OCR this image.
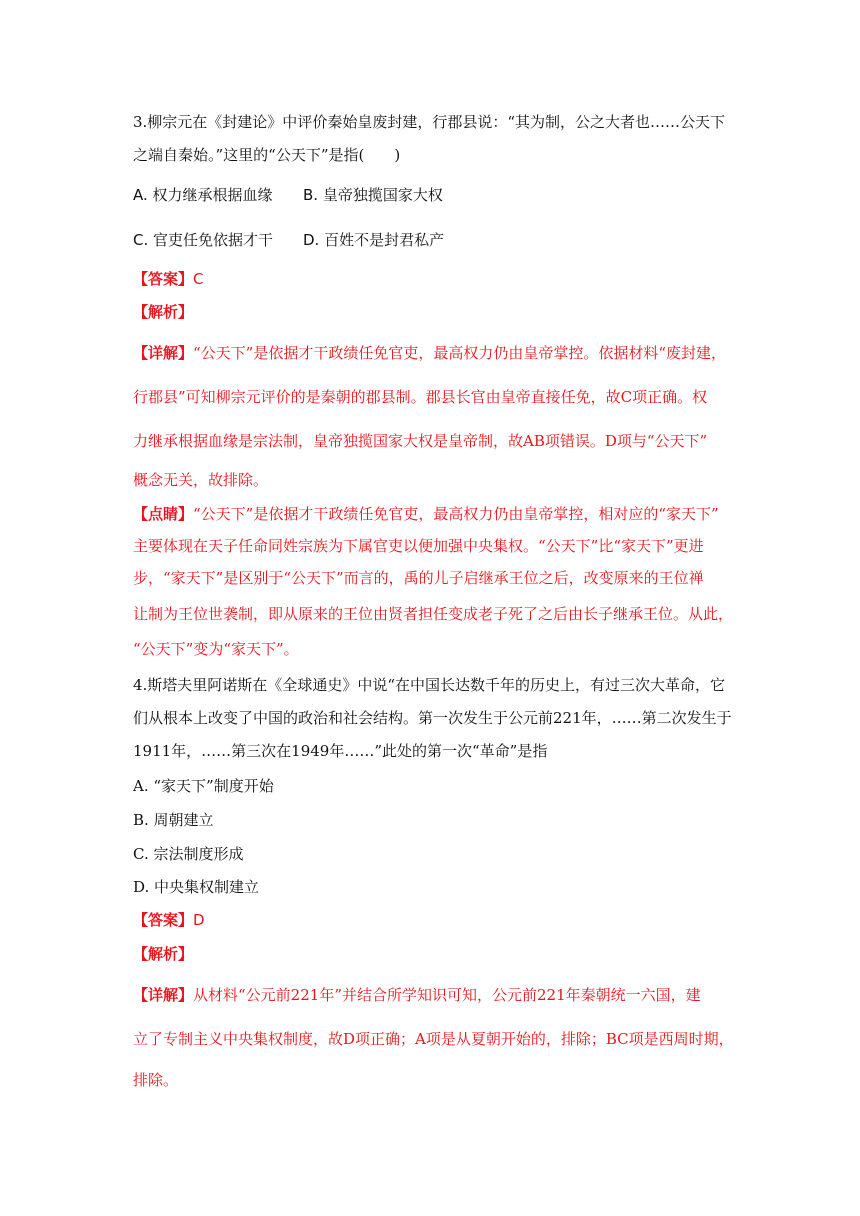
3.柳宗元在《封建论》中评价秦始皇废封建，行郡县说：“其为制，公之大者也……公天下

之端自秦始。”这里的“公天下”是指(　　)

A. 权力继承根据血缘 B. 皇帝独揽国家大权
C. 官吏任免依据才干 D. 百姓不是封君私产

【答案】C

【解析】

【详解】“公天下”是依据才干政绩任免官吏，最高权力仍由皇帝掌控。依据材料“废封建，

行郡县”可知柳宗元评价的是秦朝的郡县制。郡县长官由皇帝直接任免，故C项正确。权

力继承根据血缘是宗法制，皇帝独揽国家大权是皇帝制，故AB项错误。D项与“公天下”

概念无关，故排除。

【点睛】“公天下”是依据才干政绩任免官吏，最高权力仍由皇帝掌控，相对应的“家天下”

主要体现在天子任命同姓宗族为下属官吏以便加强中央集权。“公天下”比“家天下”更进

步，“家天下”是区别于“公天下”而言的，禹的儿子启继承王位之后，改变原来的王位禅

让制为王位世袭制，即从原来的王位由贤者担任变成老子死了之后由长子继承王位。从此，

“公天下”变为“家天下”。

4.斯塔夫里阿诺斯在《全球通史》中说“在中国长达数千年的历史上，有过三次大革命，它

们从根本上改变了中国的政治和社会结构。第一次发生于公元前221年，……第二次发生于

1911年，……第三次在1949年……”此处的第一次“革命”是指

A. “家天下”制度开始

B. 周朝建立

C. 宗法制度形成

D. 中央集权制建立

【答案】D

【解析】

【详解】从材料“公元前221年”并结合所学知识可知，公元前221年秦朝统一六国，建

立了专制主义中央集权制度，故D项正确；A项是从夏朝开始的，排除；BC项是西周时期，

排除。
